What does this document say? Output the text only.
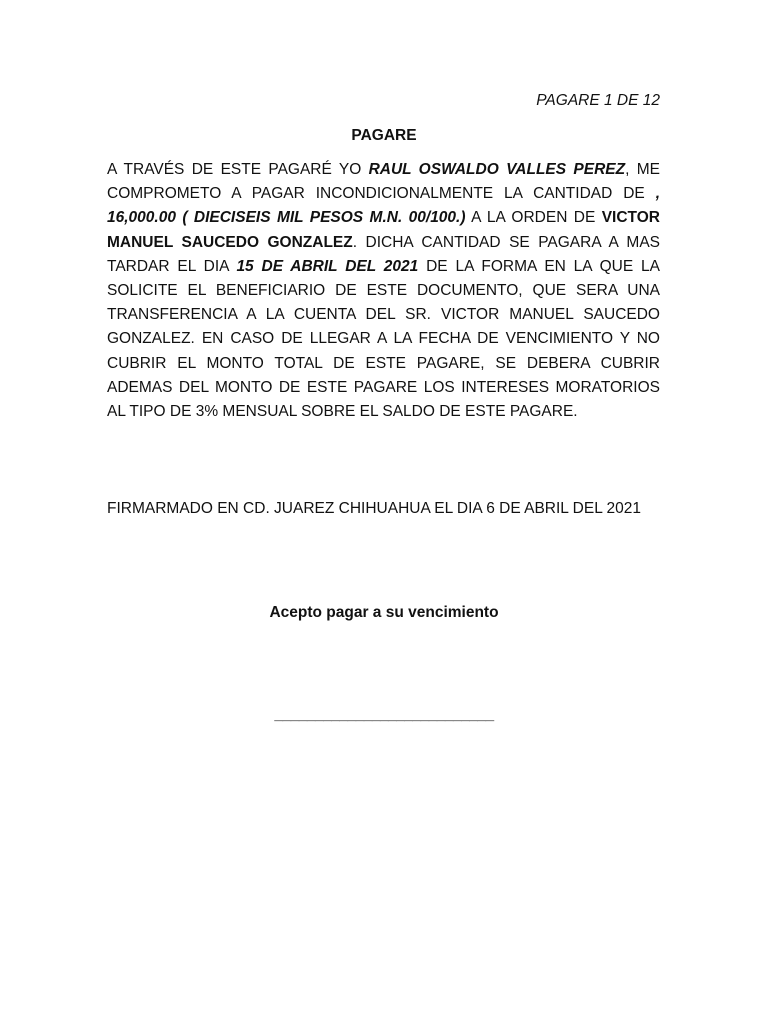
PAGARE 1 DE 12
PAGARE
A TRAVÉS DE ESTE PAGARÉ YO RAUL OSWALDO VALLES PEREZ, ME COMPROMETO A PAGAR INCONDICIONALMENTE LA CANTIDAD DE , 16,000.00 ( DIECISEIS MIL PESOS M.N. 00/100.) A LA ORDEN DE VICTOR MANUEL SAUCEDO GONZALEZ. DICHA CANTIDAD SE PAGARA A MAS TARDAR EL DIA 15 DE ABRIL DEL 2021 DE LA FORMA EN LA QUE LA SOLICITE EL BENEFICIARIO DE ESTE DOCUMENTO, QUE SERA UNA TRANSFERENCIA A LA CUENTA DEL SR. VICTOR MANUEL SAUCEDO GONZALEZ. EN CASO DE LLEGAR A LA FECHA DE VENCIMIENTO Y NO CUBRIR EL MONTO TOTAL DE ESTE PAGARE, SE DEBERA CUBRIR ADEMAS DEL MONTO DE ESTE PAGARE LOS INTERESES MORATORIOS AL TIPO DE 3% MENSUAL SOBRE EL SALDO DE ESTE PAGARE.
FIRMARMADO EN CD. JUAREZ CHIHUAHUA EL DIA 6 DE ABRIL DEL 2021
Acepto pagar a su vencimiento
___________________________
